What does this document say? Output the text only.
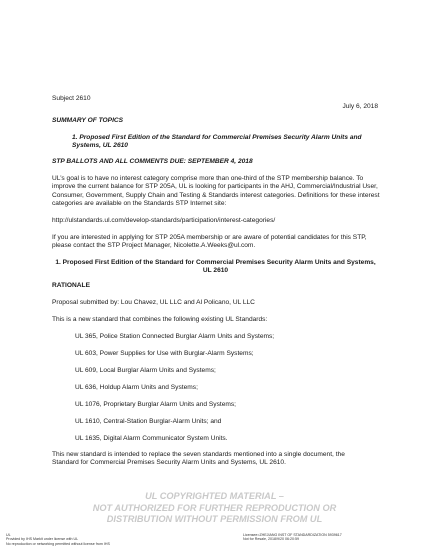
Subject 2610
July 6, 2018
SUMMARY OF TOPICS
1. Proposed First Edition of the Standard for Commercial Premises Security Alarm Units and Systems, UL 2610
STP BALLOTS AND ALL COMMENTS DUE: SEPTEMBER 4, 2018
UL’s goal is to have no interest category comprise more than one-third of the STP membership balance. To improve the current balance for STP 205A, UL is looking for participants in the AHJ, Commercial/Industrial User, Consumer, Government, Supply Chain and Testing & Standards interest categories. Definitions for these interest categories are available on the Standards STP Internet site:
http://ulstandards.ul.com/develop-standards/participation/interest-categories/
If you are interested in applying for STP 205A membership or are aware of potential candidates for this STP, please contact the STP Project Manager, Nicolette.A.Weeks@ul.com.
1. Proposed First Edition of the Standard for Commercial Premises Security Alarm Units and Systems, UL 2610
RATIONALE
Proposal submitted by: Lou Chavez, UL LLC and Al Policano, UL LLC
This is a new standard that combines the following existing UL Standards:
UL 365, Police Station Connected Burglar Alarm Units and Systems;
UL 603, Power Supplies for Use with Burglar-Alarm Systems;
UL 609, Local Burglar Alarm Units and Systems;
UL 636, Holdup Alarm Units and Systems;
UL 1076, Proprietary Burglar Alarm Units and Systems;
UL 1610, Central-Station Burglar-Alarm Units; and
UL 1635, Digital Alarm Communicator System Units.
This new standard is intended to replace the seven standards mentioned into a single document, the Standard for Commercial Premises Security Alarm Units and Systems, UL 2610.
UL COPYRIGHTED MATERIAL –
NOT AUTHORIZED FOR FURTHER REPRODUCTION OR
DISTRIBUTION WITHOUT PERMISSION FROM UL
UL
Provided by IHS Markit under license with UL
No reproduction or networking permitted without license from IHS
Licensee=ZHEJIANG INST OF STANDARDIZATION 5939617
Not for Resale, 2018/9/20 06:20:59
